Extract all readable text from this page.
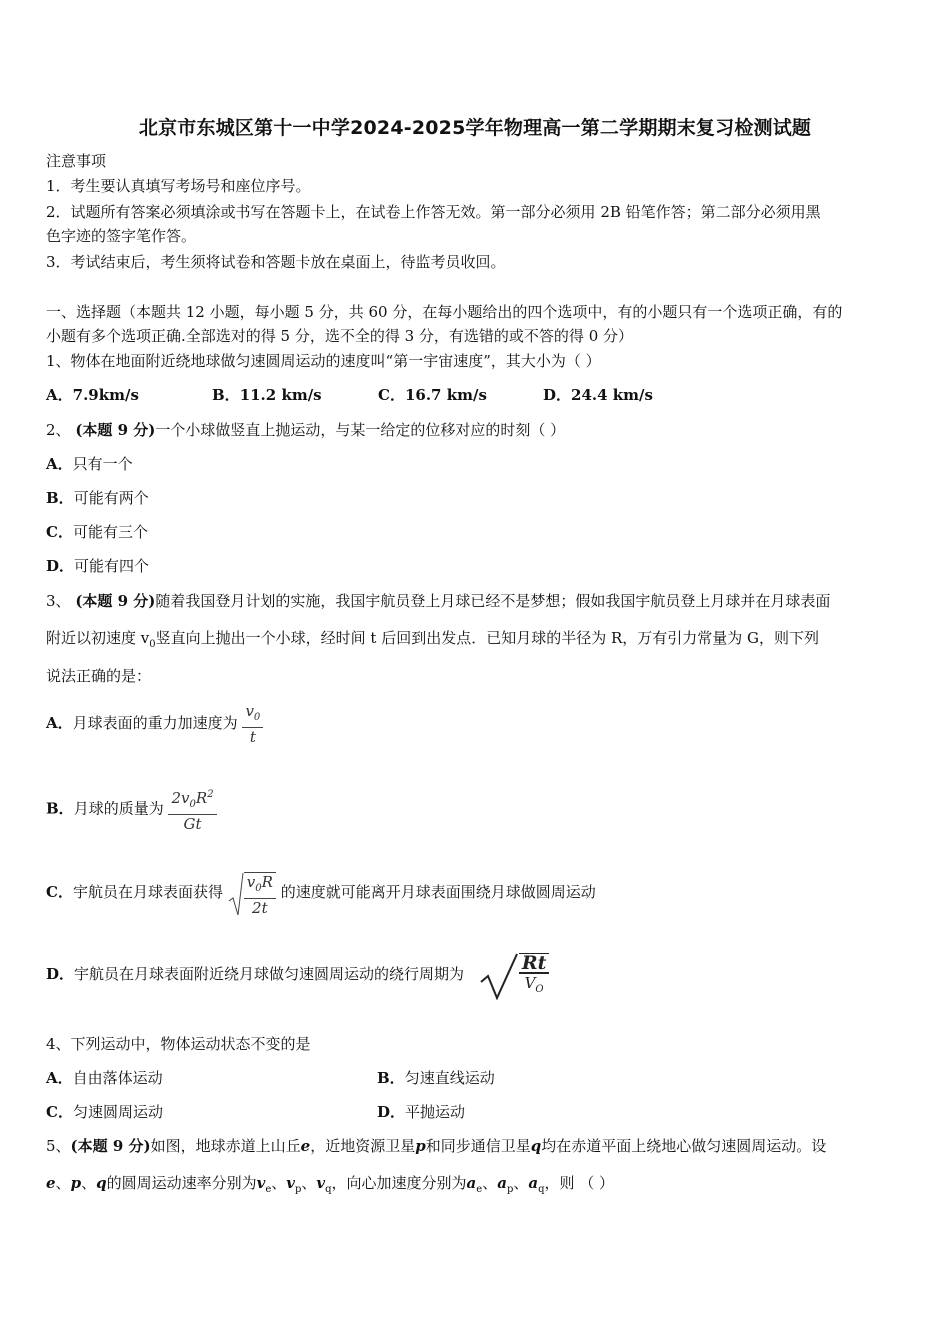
北京市东城区第十一中学2024-2025学年物理高一第二学期期末复习检测试题
注意事项
1．考生要认真填写考场号和座位序号。
2．试题所有答案必须填涂或书写在答题卡上，在试卷上作答无效。第一部分必须用 2B 铅笔作答；第二部分必须用黑
色字迹的签字笔作答。
3．考试结束后，考生须将试卷和答题卡放在桌面上，待监考员收回。
一、选择题（本题共 12 小题，每小题 5 分，共 60 分，在每小题给出的四个选项中，有的小题只有一个选项正确，有的
小题有多个选项正确.全部选对的得 5 分，选不全的得 3 分，有选错的或不答的得 0 分）
1、物体在地面附近绕地球做匀速圆周运动的速度叫“第一宇宙速度”，其大小为（ ）
A．7.9km/s	B．11.2 km/s	C．16.7 km/s	D．24.4 km/s
2、 (本题 9 分)一个小球做竖直上抛运动，与某一给定的位移对应的时刻（ ）
A．只有一个
B．可能有两个
C．可能有三个
D．可能有四个
3、 (本题 9 分)随着我国登月计划的实施，我国宇航员登上月球已经不是梦想；假如我国宇航员登上月球并在月球表面
附近以初速度 $v_0$竖直向上抛出一个小球，经时间 t 后回到出发点．已知月球的半径为 R，万有引力常量为 G，则下列
说法正确的是：
A．月球表面的重力加速度为 $\frac{v_0}{t}$
B．月球的质量为 $\frac{2v_0R^2}{Gt}$
C．宇航员在月球表面获得 $\frac{v_0R}{2t}$ 的速度就可能离开月球表面围绕月球做圆周运动
D．宇航员在月球表面附近绕月球做匀速圆周运动的绕行周期为	$\frac{Rt}{V_O}$
4、下列运动中，物体运动状态不变的是
A．自由落体运动	B．匀速直线运动
C．匀速圆周运动	D．平抛运动
5、(本题 9 分)如图，地球赤道上山丘e，近地资源卫星p和同步通信卫星q均在赤道平面上绕地心做匀速圆周运动。设
e、p、q的圆周运动速率分别为$v_e$、$v_p$、$v_q$，向心加速度分别为$a_e$、$a_p$、$a_q$，则 （ ）
